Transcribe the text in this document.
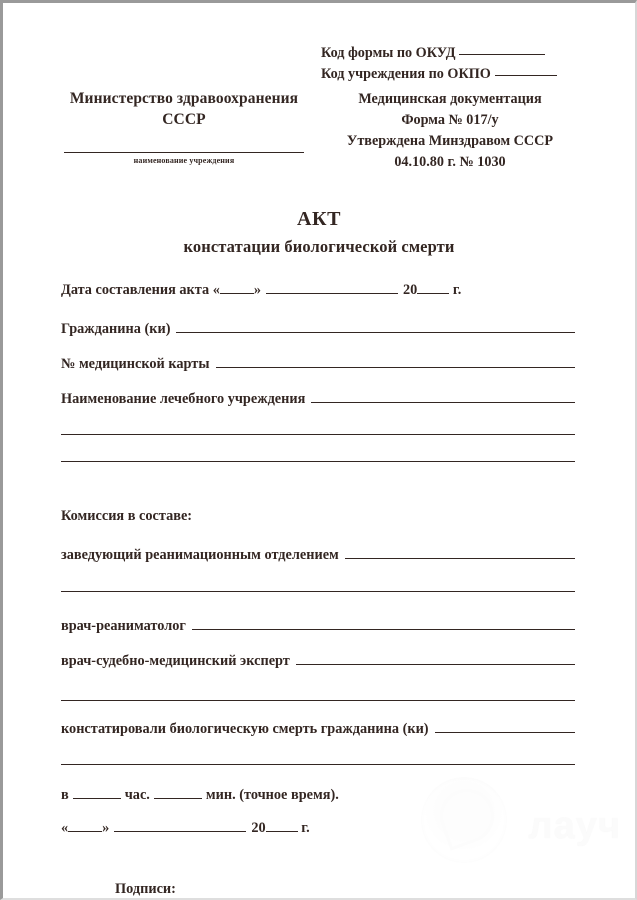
лауч
Министерство здравоохранения
СССР
наименование учреждения
Код формы по ОКУД
Код учреждения по ОКПО
Медицинская документация
Форма № 017/у
Утверждена Минздравом СССР
04.10.80 г. № 1030
АКТ
констатации биологической смерти
Дата составления акта « »	20
г.
Гражданина (ки)
№ медицинской карты
Наименование лечебного учреждения
Комиссия в составе:
заведующий реанимационным отделением
врач-реаниматолог
врач-судебно-медицинский эксперт
констатировали биологическую смерть гражданина (ки)
в	час.	мин. (точное время).
« »	20
г.
Подписи:
